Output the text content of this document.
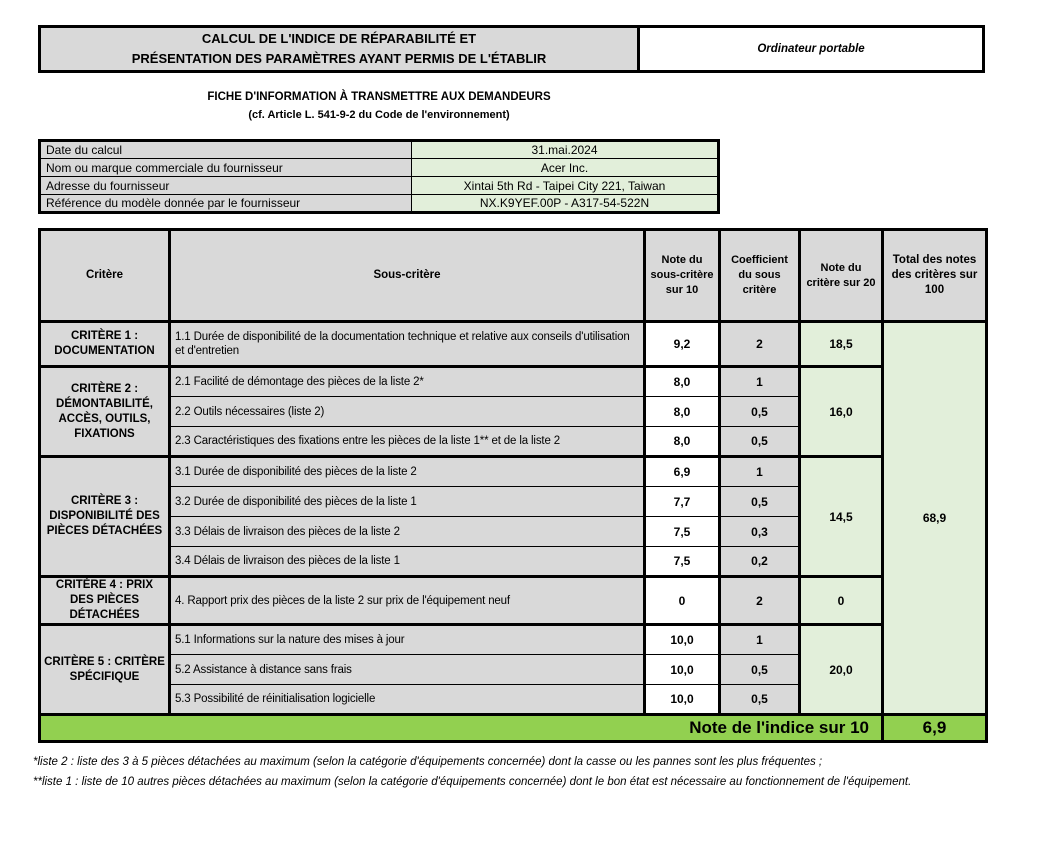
CALCUL DE L'INDICE DE RÉPARABILITÉ ET
PRÉSENTATION DES PARAMÈTRES AYANT PERMIS DE L'ÉTABLIR
Ordinateur portable
FICHE D'INFORMATION À TRANSMETTRE AUX DEMANDEURS
(cf. Article L. 541-9-2 du Code de l'environnement)
Date du calcul	31.mai.2024
Nom ou marque commerciale du fournisseur	Acer Inc.
Adresse du fournisseur	Xintai 5th Rd - Taipei City 221, Taiwan
Référence du modèle donnée par le fournisseur	NX.K9YEF.00P - A317-54-522N
Critère	Sous-critère	Note du sous-critère sur 10	Coefficient du sous critère	Note du critère sur 20	Total des notes des critères sur 100
CRITÈRE 1 : DOCUMENTATION	1.1 Durée de disponibilité de la documentation technique et relative aux conseils d'utilisation et d'entretien	9,2	2	18,5	68,9
CRITÈRE 2 : DÉMONTABILITÉ, ACCÈS, OUTILS, FIXATIONS	2.1 Facilité de démontage des pièces de la liste 2*	8,0	1	16,0	
	2.2 Outils nécessaires (liste 2)	8,0	0,5		
	2.3 Caractéristiques des fixations entre les pièces de la liste 1** et de la liste 2	8,0	0,5		
CRITÈRE 3 : DISPONIBILITÉ DES PIÈCES DÉTACHÉES	3.1 Durée de disponibilité des pièces de la liste 2	6,9	1	14,5	
	3.2 Durée de disponibilité des pièces de la liste 1	7,7	0,5		
	3.3 Délais de livraison des pièces de la liste 2	7,5	0,3		
	3.4 Délais de livraison des pièces de la liste 1	7,5	0,2		
CRITÈRE 4 : PRIX DES PIÈCES DÉTACHÉES	4. Rapport prix des pièces de la liste 2 sur prix de l'équipement neuf	0	2	0	
CRITÈRE 5 : CRITÈRE SPÉCIFIQUE	5.1 Informations sur la nature des mises à jour	10,0	1	20,0	
	5.2 Assistance à distance sans frais	10,0	0,5		
	5.3 Possibilité de réinitialisation logicielle	10,0	0,5		
Note de l'indice sur 10					6,9
*liste 2 : liste des 3 à 5 pièces détachées au maximum (selon la catégorie d'équipements concernée) dont la casse ou les pannes sont les plus fréquentes ;
**liste 1 : liste de 10 autres pièces détachées au maximum (selon la catégorie d'équipements concernée) dont le bon état est nécessaire au fonctionnement de l'équipement.
